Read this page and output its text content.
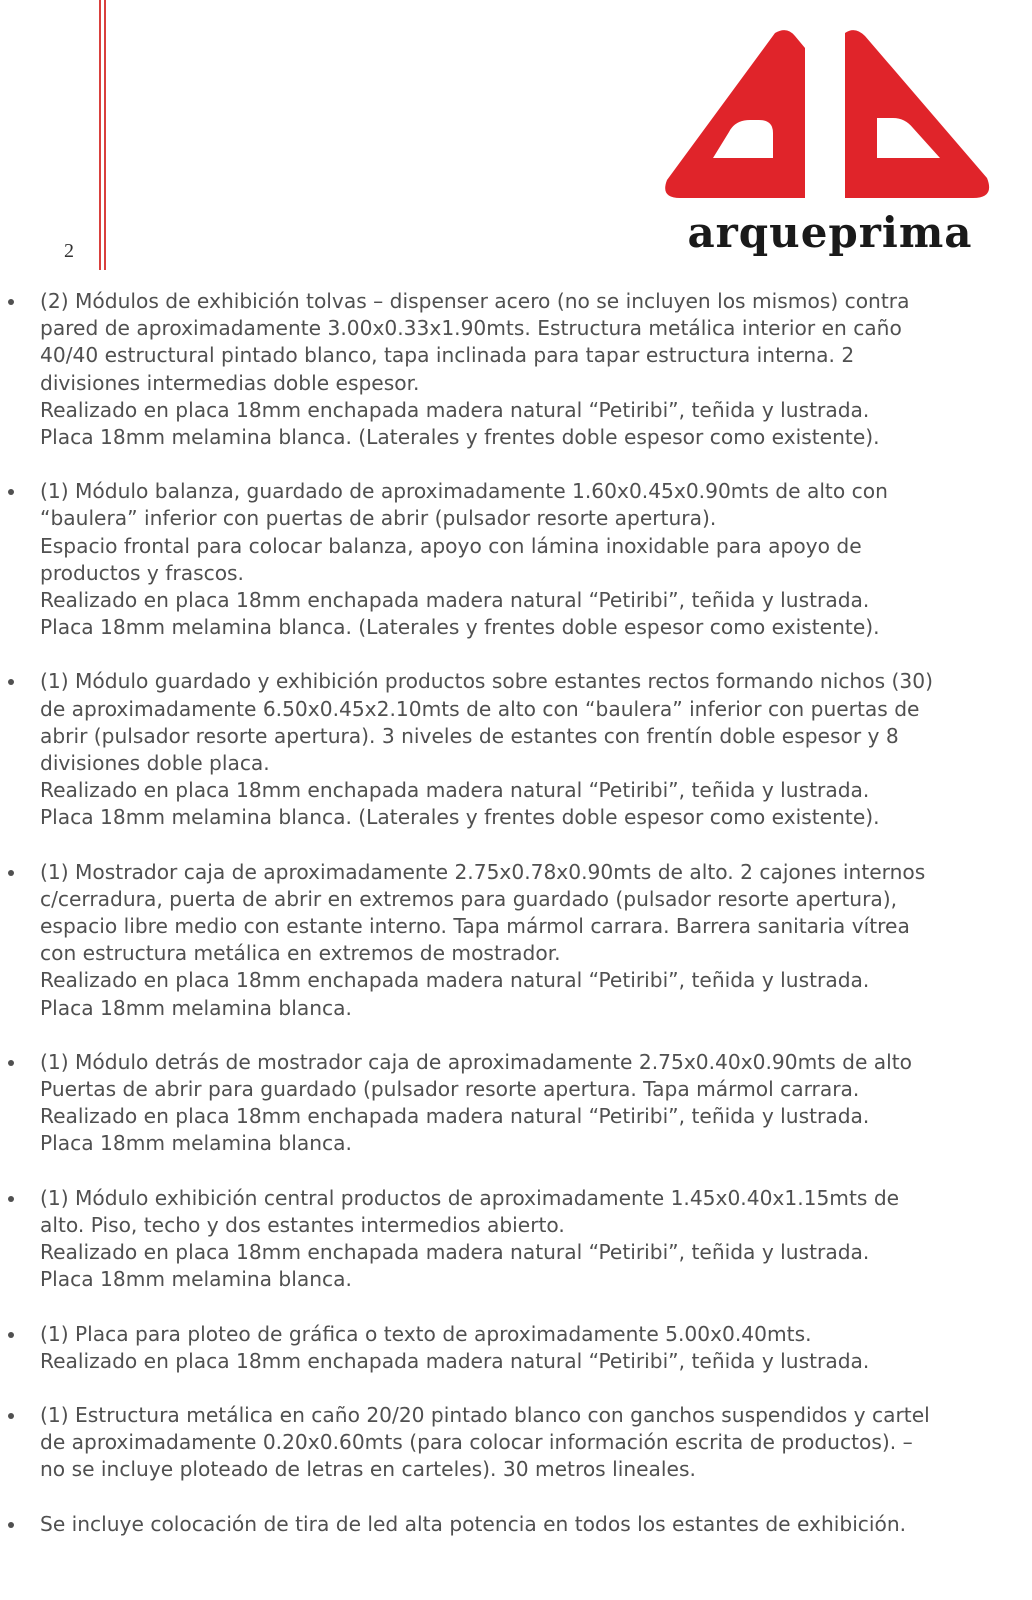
2	arqueprima
(2) Módulos de exhibición tolvas – dispenser acero (no se incluyen los mismos) contra
pared de aproximadamente 3.00x0.33x1.90mts. Estructura metálica interior en caño
40/40 estructural pintado blanco, tapa inclinada para tapar estructura interna. 2
divisiones intermedias doble espesor.
Realizado en placa 18mm enchapada madera natural “Petiribi”, teñida y lustrada.
Placa 18mm melamina blanca. (Laterales y frentes doble espesor como existente).
(1) Módulo balanza, guardado de aproximadamente 1.60x0.45x0.90mts de alto con
“baulera” inferior con puertas de abrir (pulsador resorte apertura).
Espacio frontal para colocar balanza, apoyo con lámina inoxidable para apoyo de
productos y frascos.
Realizado en placa 18mm enchapada madera natural “Petiribi”, teñida y lustrada.
Placa 18mm melamina blanca. (Laterales y frentes doble espesor como existente).
(1) Módulo guardado y exhibición productos sobre estantes rectos formando nichos (30)
de aproximadamente 6.50x0.45x2.10mts de alto con “baulera” inferior con puertas de
abrir (pulsador resorte apertura). 3 niveles de estantes con frentín doble espesor y 8
divisiones doble placa.
Realizado en placa 18mm enchapada madera natural “Petiribi”, teñida y lustrada.
Placa 18mm melamina blanca. (Laterales y frentes doble espesor como existente).
(1) Mostrador caja de aproximadamente 2.75x0.78x0.90mts de alto. 2 cajones internos
c/cerradura, puerta de abrir en extremos para guardado (pulsador resorte apertura),
espacio libre medio con estante interno. Tapa mármol carrara. Barrera sanitaria vítrea
con estructura metálica en extremos de mostrador.
Realizado en placa 18mm enchapada madera natural “Petiribi”, teñida y lustrada.
Placa 18mm melamina blanca.
(1) Módulo detrás de mostrador caja de aproximadamente 2.75x0.40x0.90mts de alto
Puertas de abrir para guardado (pulsador resorte apertura. Tapa mármol carrara.
Realizado en placa 18mm enchapada madera natural “Petiribi”, teñida y lustrada.
Placa 18mm melamina blanca.
(1) Módulo exhibición central productos de aproximadamente 1.45x0.40x1.15mts de
alto. Piso, techo y dos estantes intermedios abierto.
Realizado en placa 18mm enchapada madera natural “Petiribi”, teñida y lustrada.
Placa 18mm melamina blanca.
(1) Placa para ploteo de gráfica o texto de aproximadamente 5.00x0.40mts.
Realizado en placa 18mm enchapada madera natural “Petiribi”, teñida y lustrada.
(1) Estructura metálica en caño 20/20 pintado blanco con ganchos suspendidos y cartel
de aproximadamente 0.20x0.60mts (para colocar información escrita de productos). –
no se incluye ploteado de letras en carteles). 30 metros lineales.
Se incluye colocación de tira de led alta potencia en todos los estantes de exhibición.
